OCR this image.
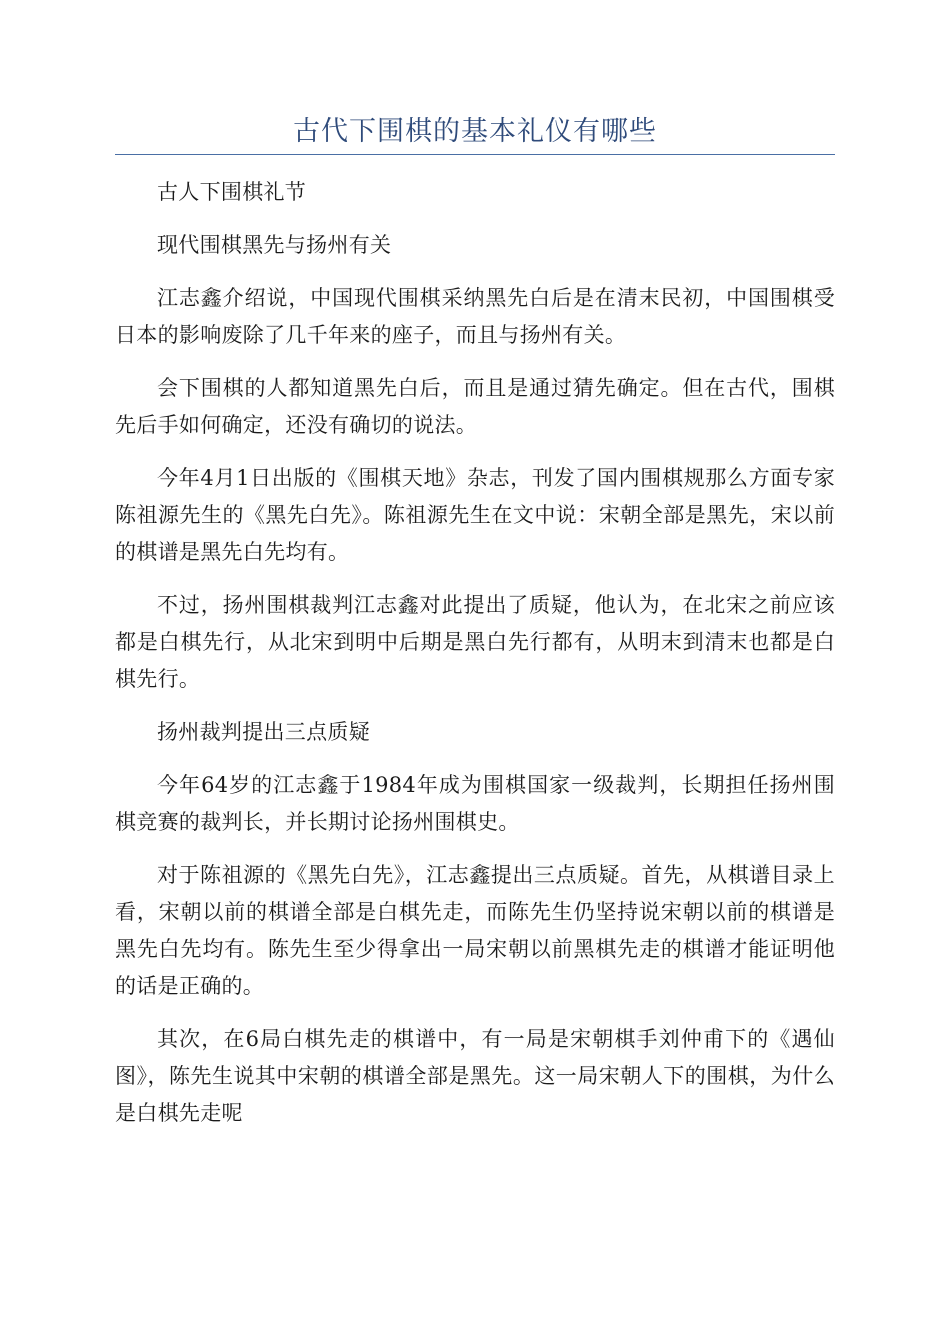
古代下围棋的基本礼仪有哪些

古人下围棋礼节

现代围棋黑先与扬州有关

江志鑫介绍说，中国现代围棋采纳黑先白后是在清末民初，中国围棋受日本的影响废除了几千年来的座子，而且与扬州有关。

会下围棋的人都知道黑先白后，而且是通过猜先确定。但在古代，围棋先后手如何确定，还没有确切的说法。

今年4月1日出版的《围棋天地》杂志，刊发了国内围棋规那么方面专家陈祖源先生的《黑先白先》。陈祖源先生在文中说：宋朝全部是黑先，宋以前的棋谱是黑先白先均有。

不过，扬州围棋裁判江志鑫对此提出了质疑，他认为，在北宋之前应该都是白棋先行，从北宋到明中后期是黑白先行都有，从明末到清末也都是白棋先行。

扬州裁判提出三点质疑

今年64岁的江志鑫于1984年成为围棋国家一级裁判，长期担任扬州围棋竞赛的裁判长，并长期讨论扬州围棋史。

对于陈祖源的《黑先白先》，江志鑫提出三点质疑。首先，从棋谱目录上看，宋朝以前的棋谱全部是白棋先走，而陈先生仍坚持说宋朝以前的棋谱是黑先白先均有。陈先生至少得拿出一局宋朝以前黑棋先走的棋谱才能证明他的话是正确的。

其次，在6局白棋先走的棋谱中，有一局是宋朝棋手刘仲甫下的《遇仙图》，陈先生说其中宋朝的棋谱全部是黑先。这一局宋朝人下的围棋，为什么是白棋先走呢
